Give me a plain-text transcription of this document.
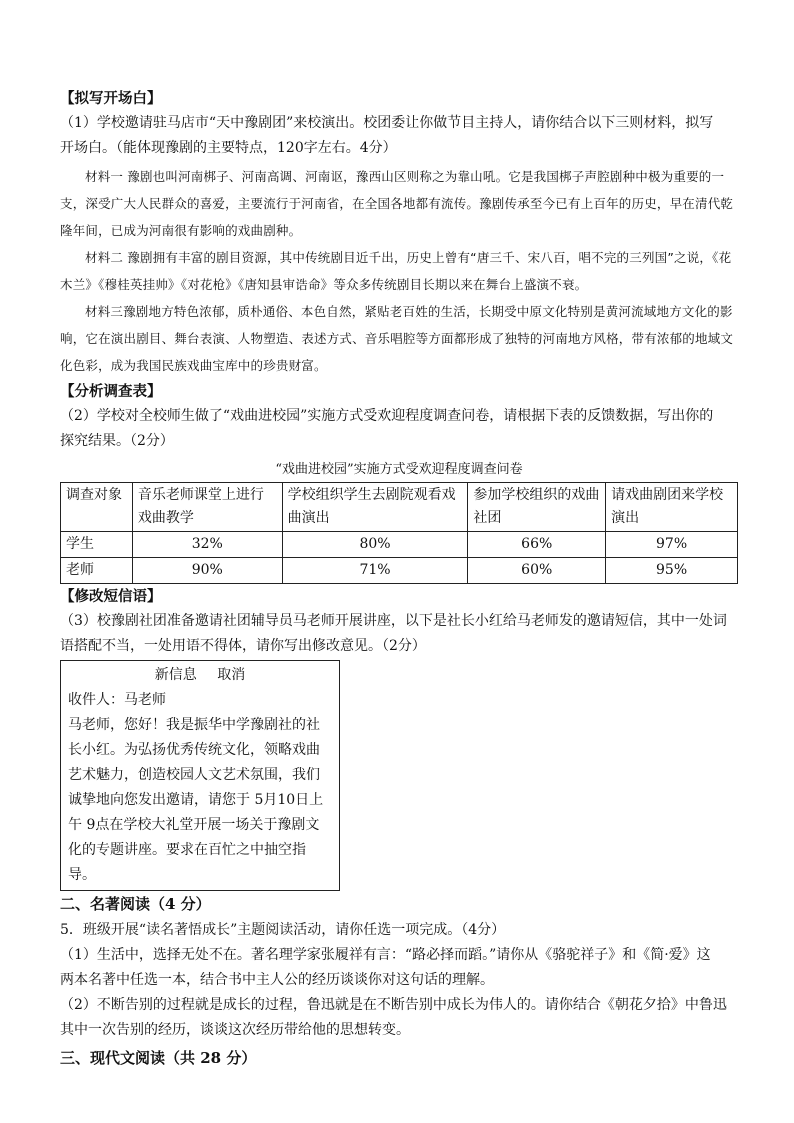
【拟写开场白】

（1）学校邀请驻马店市“天中豫剧团”来校演出。校团委让你做节目主持人，请你结合以下三则材料，拟写

开场白。（能体现豫剧的主要特点，120字左右。4分）

材料一 豫剧也叫河南梆子、河南高调、河南讴，豫西山区则称之为靠山吼。它是我国梆子声腔剧种中极为重要的一支，深受广大人民群众的喜爱，主要流行于河南省，在全国各地都有流传。豫剧传承至今已有上百年的历史，早在清代乾隆年间，已成为河南很有影响的戏曲剧种。

材料二 豫剧拥有丰富的剧目资源，其中传统剧目近千出，历史上曾有“唐三千、宋八百，唱不完的三列国”之说，《花木兰》《穆桂英挂帅》《对花枪》《唐知县审诰命》等众多传统剧目长期以来在舞台上盛演不衰。

材料三豫剧地方特色浓郁，质朴通俗、本色自然，紧贴老百姓的生活，长期受中原文化特别是黄河流域地方文化的影响，它在演出剧目、舞台表演、人物塑造、表述方式、音乐唱腔等方面都形成了独特的河南地方风格，带有浓郁的地域文化色彩，成为我国民族戏曲宝库中的珍贵财富。

【分析调查表】

（2）学校对全校师生做了“戏曲进校园”实施方式受欢迎程度调查问卷，请根据下表的反馈数据，写出你的

探究结果。（2分）

“戏曲进校园”实施方式受欢迎程度调查问卷

调查对象	音乐老师课堂上进行戏曲教学	学校组织学生去剧院观看戏曲演出	参加学校组织的戏曲社团	请戏曲剧团来学校演出
学生	32%	80%	66%	97%
老师	90%	71%	60%	95%

【修改短信语】

（3）校豫剧社团准备邀请社团辅导员马老师开展讲座，以下是社长小红给马老师发的邀请短信，其中一处词

语搭配不当，一处用语不得体，请你写出修改意见。（2分）

新信息 取消
收件人：马老师
马老师，您好！我是振华中学豫剧社的社长小红。为弘扬优秀传统文化，领略戏曲艺术魅力，创造校园人文艺术氛围，我们诚挚地向您发出邀请，请您于 5月10日上午 9点在学校大礼堂开展一场关于豫剧文化的专题讲座。要求在百忙之中抽空指导。

二、名著阅读（4 分）

5．班级开展“读名著悟成长”主题阅读活动，请你任选一项完成。（4分）

（1）生活中，选择无处不在。著名理学家张履祥有言：“路必择而蹈。”请你从《骆驼祥子》和《简·爱》这

两本名著中任选一本，结合书中主人公的经历谈谈你对这句话的理解。

（2）不断告别的过程就是成长的过程，鲁迅就是在不断告别中成长为伟人的。请你结合《朝花夕拾》中鲁迅

其中一次告别的经历，谈谈这次经历带给他的思想转变。

三、现代文阅读（共 28 分）
